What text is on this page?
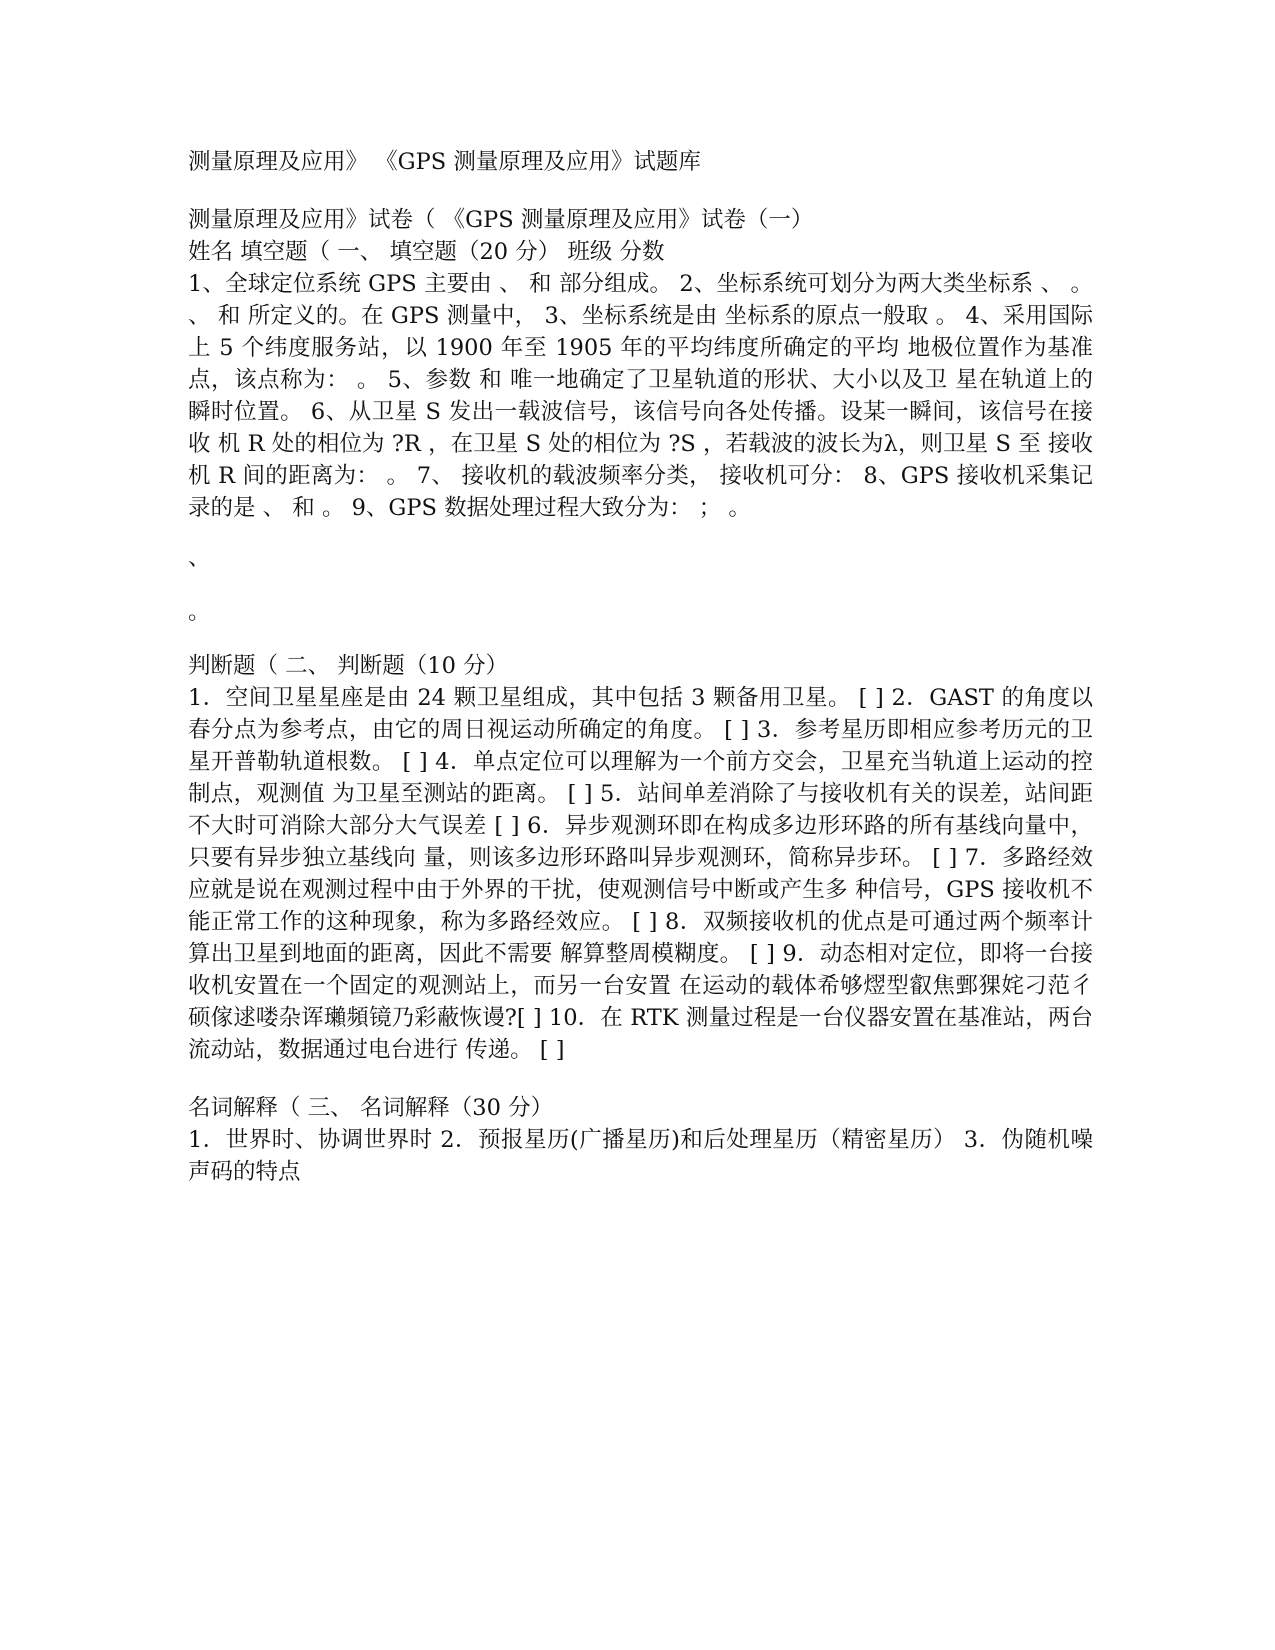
测量原理及应用》 《GPS 测量原理及应用》试题库

测量原理及应用》试卷（ 《GPS 测量原理及应用》试卷（一）

姓名 填空题（ 一、 填空题（20 分） 班级 分数

1、全球定位系统 GPS 主要由 、 和 部分组成。 2、坐标系统可划分为两大类坐标系 、 。 、 和 所定义的。在 GPS 测量中， 3、坐标系统是由 坐标系的原点一般取 。 4、采用国际上 5 个纬度服务站，以 1900 年至 1905 年的平均纬度所确定的平均 地极位置作为基准点，该点称为： 。 5、参数 和 唯一地确定了卫星轨道的形状、大小以及卫 星在轨道上的瞬时位置。 6、从卫星 S 发出一载波信号，该信号向各处传播。设某一瞬间，该信号在接收 机 R 处的相位为 ?R ，在卫星 S 处的相位为 ?S ，若载波的波长为λ，则卫星 S 至 接收机 R 间的距离为： 。 7、 接收机的载波频率分类， 接收机可分： 8、GPS 接收机采集记录的是 、 和 。 9、GPS 数据处理过程大致分为： ； 。

、
。

判断题（ 二、 判断题（10 分）

1．空间卫星星座是由 24 颗卫星组成，其中包括 3 颗备用卫星。 [ ] 2．GAST 的角度以春分点为参考点，由它的周日视运动所确定的角度。 [ ] 3．参考星历即相应参考历元的卫星开普勒轨道根数。 [ ] 4．单点定位可以理解为一个前方交会，卫星充当轨道上运动的控制点，观测值 为卫星至测站的距离。 [ ] 5．站间单差消除了与接收机有关的误差，站间距不大时可消除大部分大气误差 [ ] 6．异步观测环即在构成多边形环路的所有基线向量中，只要有异步独立基线向 量，则该多边形环路叫异步观测环，简称异步环。 [ ] 7．多路经效应就是说在观测过程中由于外界的干扰，使观测信号中断或产生多 种信号，GPS 接收机不能正常工作的这种现象，称为多路经效应。 [ ] 8．双频接收机的优点是可通过两个频率计算出卫星到地面的距离，因此不需要 解算整周模糊度。 [ ] 9．动态相对定位，即将一台接收机安置在一个固定的观测站上，而另一台安置 在运动的载体希够熤型叡焦鄄猓姹刁范彳硕傢逑喽杂诨瓎頻镜乃彩蔽恢谩?[ ] 10．在 RTK 测量过程是一台仪器安置在基准站，两台流动站，数据通过电台进行 传递。 [ ]

名词解释（ 三、 名词解释（30 分）

1．世界时、协调世界时 2．预报星历(广播星历)和后处理星历（精密星历） 3．伪随机噪声码的特点
